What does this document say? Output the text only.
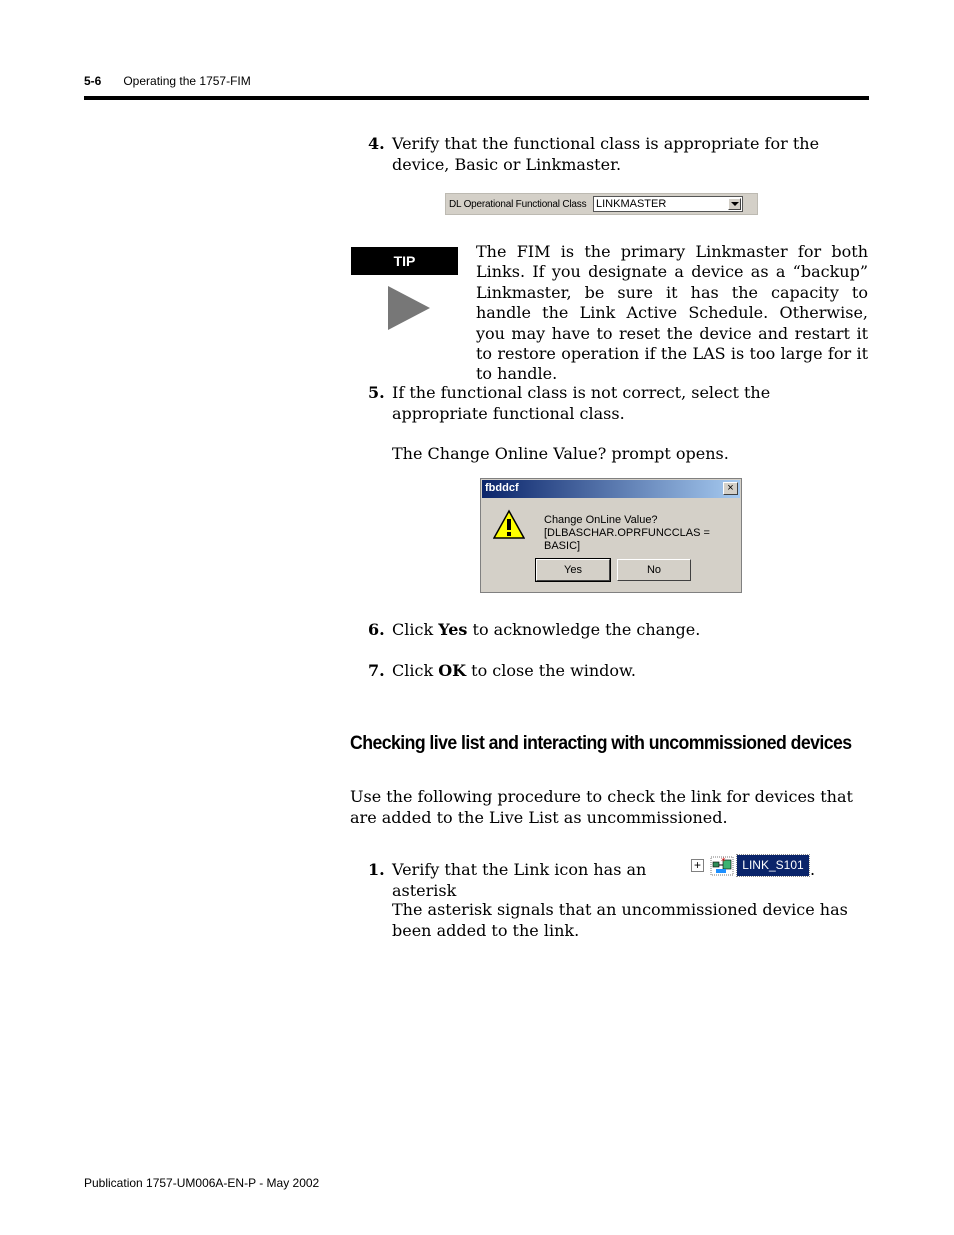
5-6 Operating the 1757-FIM
4. Verify that the functional class is appropriate for the device, Basic or Linkmaster.
DL Operational Functional Class LINKMASTER
TIP	The FIM is the primary Linkmaster for both Links. If you designate a device as a “backup” Linkmaster, be sure it has the capacity to handle the Link Active Schedule. Otherwise, you may have to reset the device and restart it to restore operation if the LAS is too large for it to handle.
5. If the functional class is not correct, select the appropriate functional class.
The Change Online Value? prompt opens.
fbddcf	×
Change OnLine Value?
[DLBASCHAR.OPRFUNCCLAS = BASIC]
Yes	No
6. Click Yes to acknowledge the change.
7. Click OK to close the window.
Checking live list and interacting with uncommissioned devices
Use the following procedure to check the link for devices that are added to the Live List as uncommissioned.
1. Verify that the Link icon has an asterisk
+	*	LINK_S101 .
The asterisk signals that an uncommissioned device has been added to the link.
Publication 1757-UM006A-EN-P - May 2002
